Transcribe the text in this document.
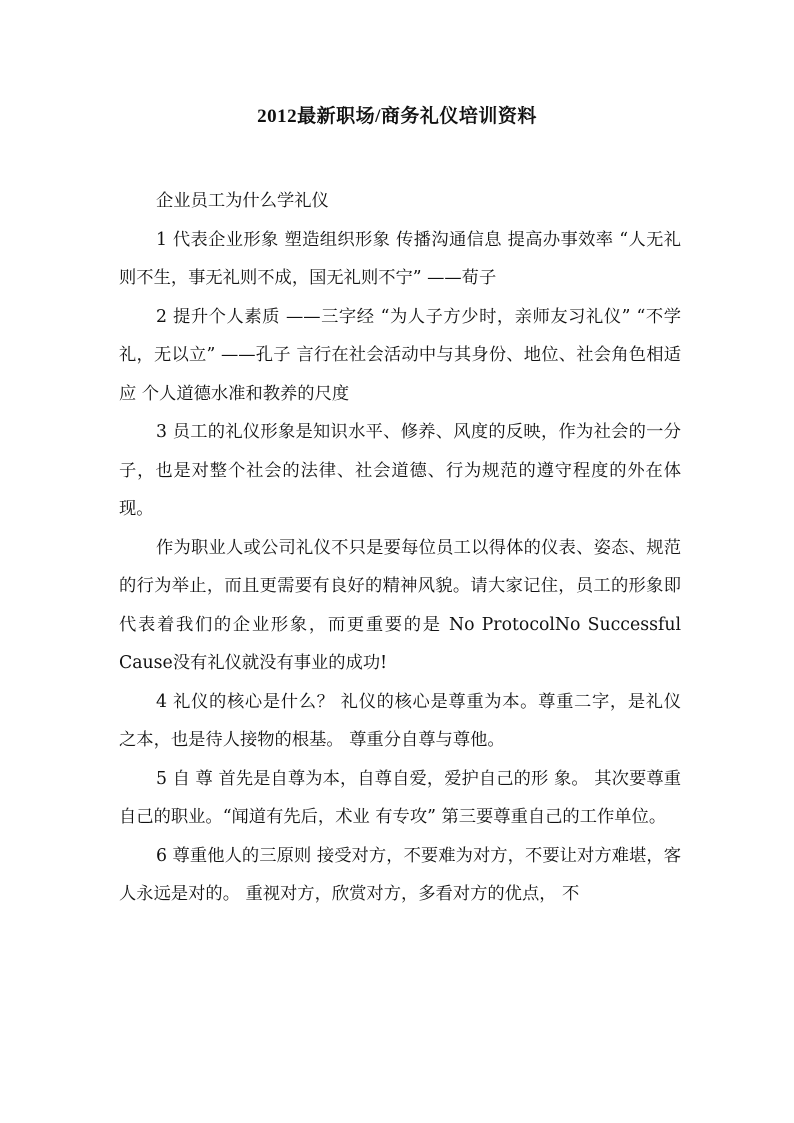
2012最新职场/商务礼仪培训资料

企业员工为什么学礼仪

1 代表企业形象 塑造组织形象 传播沟通信息 提高办事效率 “人无礼则不生，事无礼则不成，国无礼则不宁” ——荀子

2 提升个人素质 ——三字经 “为人子方少时，亲师友习礼仪” “不学礼，无以立” ——孔子 言行在社会活动中与其身份、地位、社会角色相适应 个人道德水准和教养的尺度

3 员工的礼仪形象是知识水平、修养、风度的反映，作为社会的一分子，也是对整个社会的法律、社会道德、行为规范的遵守程度的外在体现。

作为职业人或公司礼仪不只是要每位员工以得体的仪表、姿态、规范的行为举止，而且更需要有良好的精神风貌。请大家记住，员工的形象即代表着我们的企业形象，而更重要的是 No ProtocolNo Successful Cause没有礼仪就没有事业的成功!

4 礼仪的核心是什么？ 礼仪的核心是尊重为本。尊重二字，是礼仪 之本，也是待人接物的根基。 尊重分自尊与尊他。

5 自 尊 首先是自尊为本，自尊自爱，爱护自己的形 象。 其次要尊重自己的职业。“闻道有先后，术业 有专攻” 第三要尊重自己的工作单位。

6 尊重他人的三原则 接受对方，不要难为对方，不要让对方难堪，客人永远是对的。 重视对方，欣赏对方，多看对方的优点， 不
